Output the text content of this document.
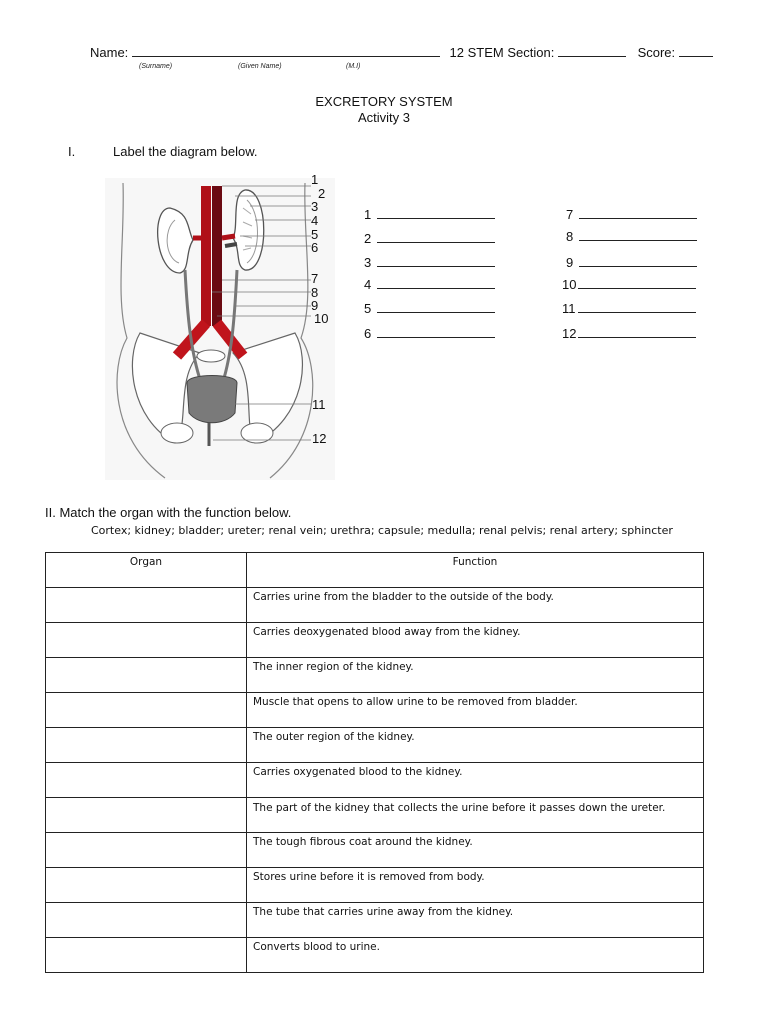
Name:	12 STEM Section:	Score:
(Surname)	(Given Name)	(M.I)
EXCRETORY SYSTEM
Activity 3
I.	Label the diagram below.
1
2
3
4
5
6
7
8
9
10
11
12
1
2
3
4
5
6
7
8
9
10
11
12
II. Match the organ with the function below.
Cortex; kidney; bladder; ureter; renal vein; urethra; capsule; medulla; renal pelvis; renal artery; sphincter
Organ	Function
	Carries urine from the bladder to the outside of the body.
	Carries deoxygenated blood away from the kidney.
	The inner region of the kidney.
	Muscle that opens to allow urine to be removed from bladder.
	The outer region of the kidney.
	Carries oxygenated blood to the kidney.
	The part of the kidney that collects the urine before it passes down the ureter.
	The tough fibrous coat around the kidney.
	Stores urine before it is removed from body.
	The tube that carries urine away from the kidney.
	Converts blood to urine.
